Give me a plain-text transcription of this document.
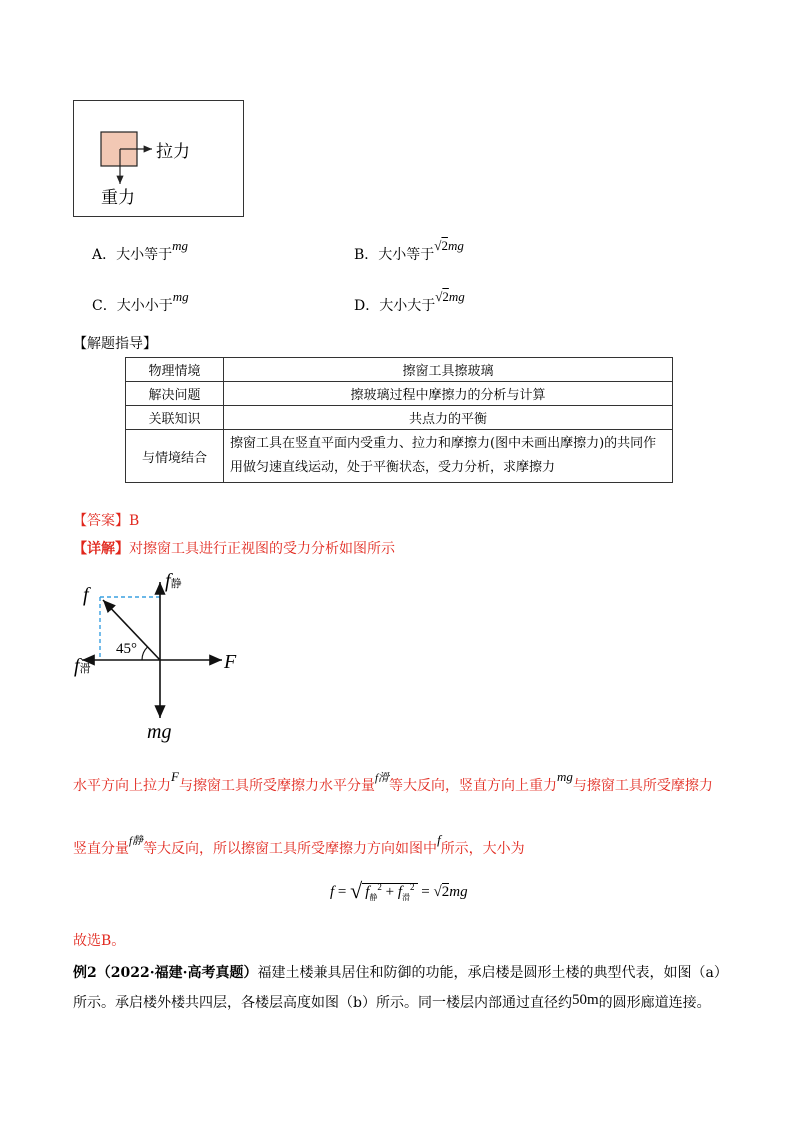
拉力
重力
A．大小等于mg
B．大小等于√2mg
C．大小小于mg
D．大小大于√2mg
【解题指导】
物理情境	擦窗工具擦玻璃
解决问题	擦玻璃过程中摩擦力的分析与计算
关联知识	共点力的平衡
与情境结合	擦窗工具在竖直平面内受重力、拉力和摩擦力(图中未画出摩擦力)的共同作用做匀速直线运动，处于平衡状态，受力分析，求摩擦力
【答案】B
【详解】对擦窗工具进行正视图的受力分析如图所示
f
f静
f滑	F
mg
45°
水平方向上拉力F与擦窗工具所受摩擦力水平分量$^{f滑}$等大反向，竖直方向上重力mg与擦窗工具所受摩擦力
竖直分量$^{f静}$等大反向，所以擦窗工具所受摩擦力方向如图中f所示，大小为
f = √ $f_静^2 + f_滑^2 = √2mg$
故选B。
例2（2022·福建·高考真题）福建土楼兼具居住和防御的功能，承启楼是圆形土楼的典型代表，如图（a）
所示。承启楼外楼共四层，各楼层高度如图（b）所示。同一楼层内部通过直径约50m的圆形廊道连接。
